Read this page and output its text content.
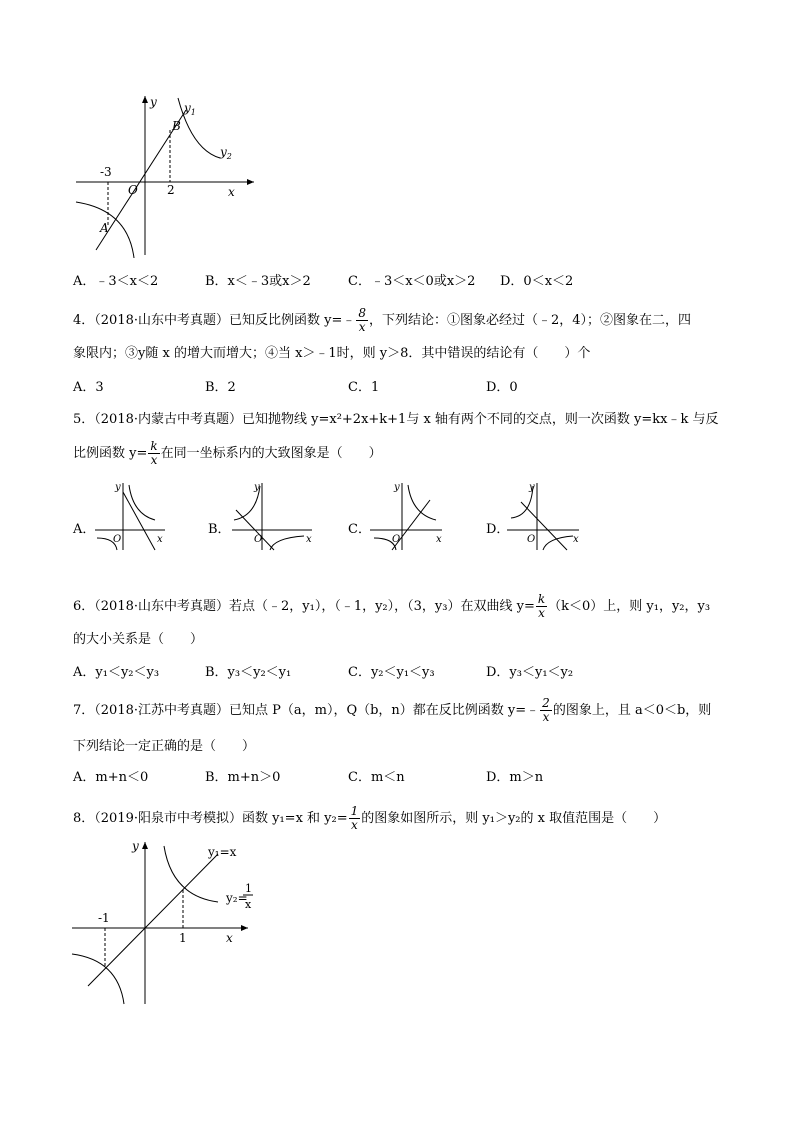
y $y_1$
$y_2$
B
A
O	x
-3
2
A．﹣3＜x＜2	B．x＜﹣3或x＞2	C．﹣3＜x＜0或x＞2 D．0＜x＜2
4．（2018·山东中考真题）已知反比例函数 y=﹣ $\frac{8}{x}$ ，下列结论：①图象必经过（﹣2，4）；②图象在二，四
象限内；③y随 x 的增大而增大；④当 x＞﹣1时，则 y＞8．其中错误的结论有（　　）个
A．3	B．2	C．1	D．0
5．（2018·内蒙古中考真题）已知抛物线 y=x²+2x+k+1与 x 轴有两个不同的交点，则一次函数 y=kx﹣k 与反
比例函数 $y= \frac{k}{x}$ 在同一坐标系内的大致图象是（　　）
A．
y
O	x
B．
y
O	x
C．
y
O	x
D．
y
O	x
6．（2018·山东中考真题）若点（﹣2，y₁），（﹣1，y₂），（3，y₃）在双曲线 $y= \frac{k}{x} (k<0)$上，则 y₁，y₂，y₃
的大小关系是（　　）
A．y₁＜y₂＜y₃	B．y₃＜y₂＜y₁	C．y₂＜y₁＜y₃	D．y₃＜y₁＜y₂
7．（2018·江苏中考真题）已知点 P（a，m），Q（b，n）都在反比例函数 y=﹣ $\frac{2}{x}$ 的图象上，且 a＜0＜b，则
下列结论一定正确的是（　　）
A．m+n＜0	B．m+n＞0	C．m＜n	D．m＞n
8．（2019·阳泉市中考模拟）函数 y₁=x 和 $y_2= \frac{1}{x}$ 的图象如图所示，则 y₁＞y₂的 x 取值范围是（　　）
y	y₁=x
y₂=
1
x
-1
1	x
